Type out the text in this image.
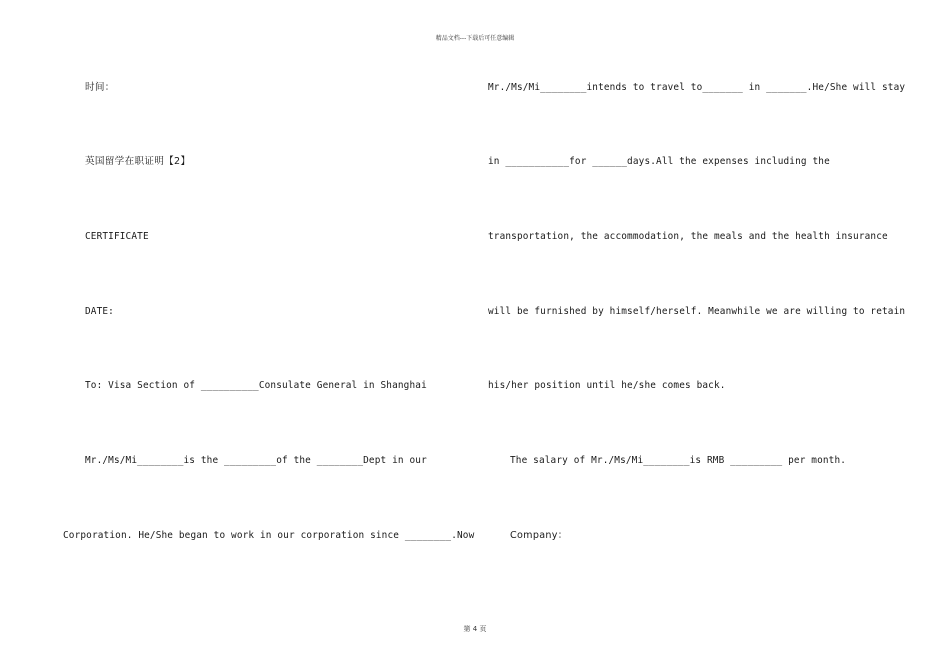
精品文档---下载后可任意编辑
时间：
英国留学在职证明【2】
CERTIFICATE
DATE:
To: Visa Section of __________Consulate General in Shanghai
Mr./Ms/Mi________is the _________of the ________Dept in our
Corporation. He/She began to work in our corporation since ________.Now
Mr./Ms/Mi________intends to travel to_______ in _______.He/She will stay
in ___________for ______days.All the expenses including the
transportation, the accommodation, the meals and the health insurance
will be furnished by himself/herself. Meanwhile we are willing to retain
his/her position until he/she comes back.
The salary of Mr./Ms/Mi________is RMB _________ per month.
Company：
第 4 页
